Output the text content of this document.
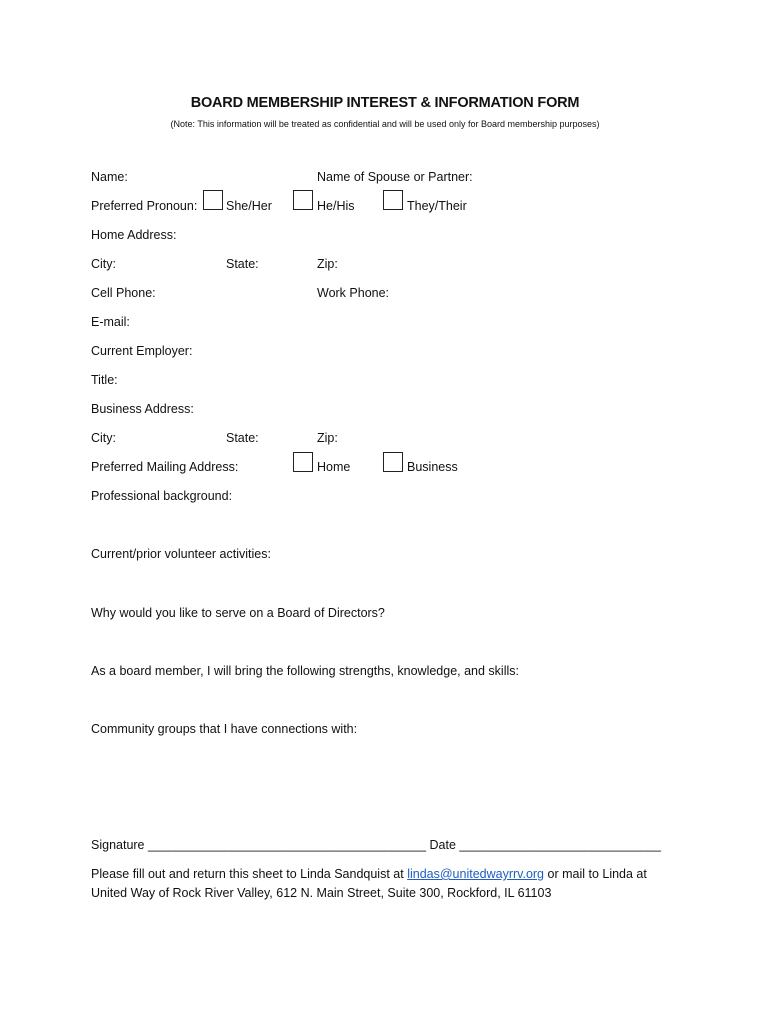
BOARD MEMBERSHIP INTEREST & INFORMATION FORM
(Note: This information will be treated as confidential and will be used only for Board membership purposes)
Name:	Name of Spouse or Partner:
Preferred Pronoun: She/Her	He/His	They/Their
Home Address:
City:	State:	Zip:
Cell Phone:	Work Phone:
E-mail:
Current Employer:
Title:
Business Address:
City:	State:	Zip:
Preferred Mailing Address:	Home	Business
Professional background:
Current/prior volunteer activities:
Why would you like to serve on a Board of Directors?
As a board member, I will bring the following strengths, knowledge, and skills:
Community groups that I have connections with:
Signature ________________________________________ Date _____________________________
Please fill out and return this sheet to Linda Sandquist at lindas@unitedwayrrv.org or mail to Linda at
United Way of Rock River Valley, 612 N. Main Street, Suite 300, Rockford, IL 61103
